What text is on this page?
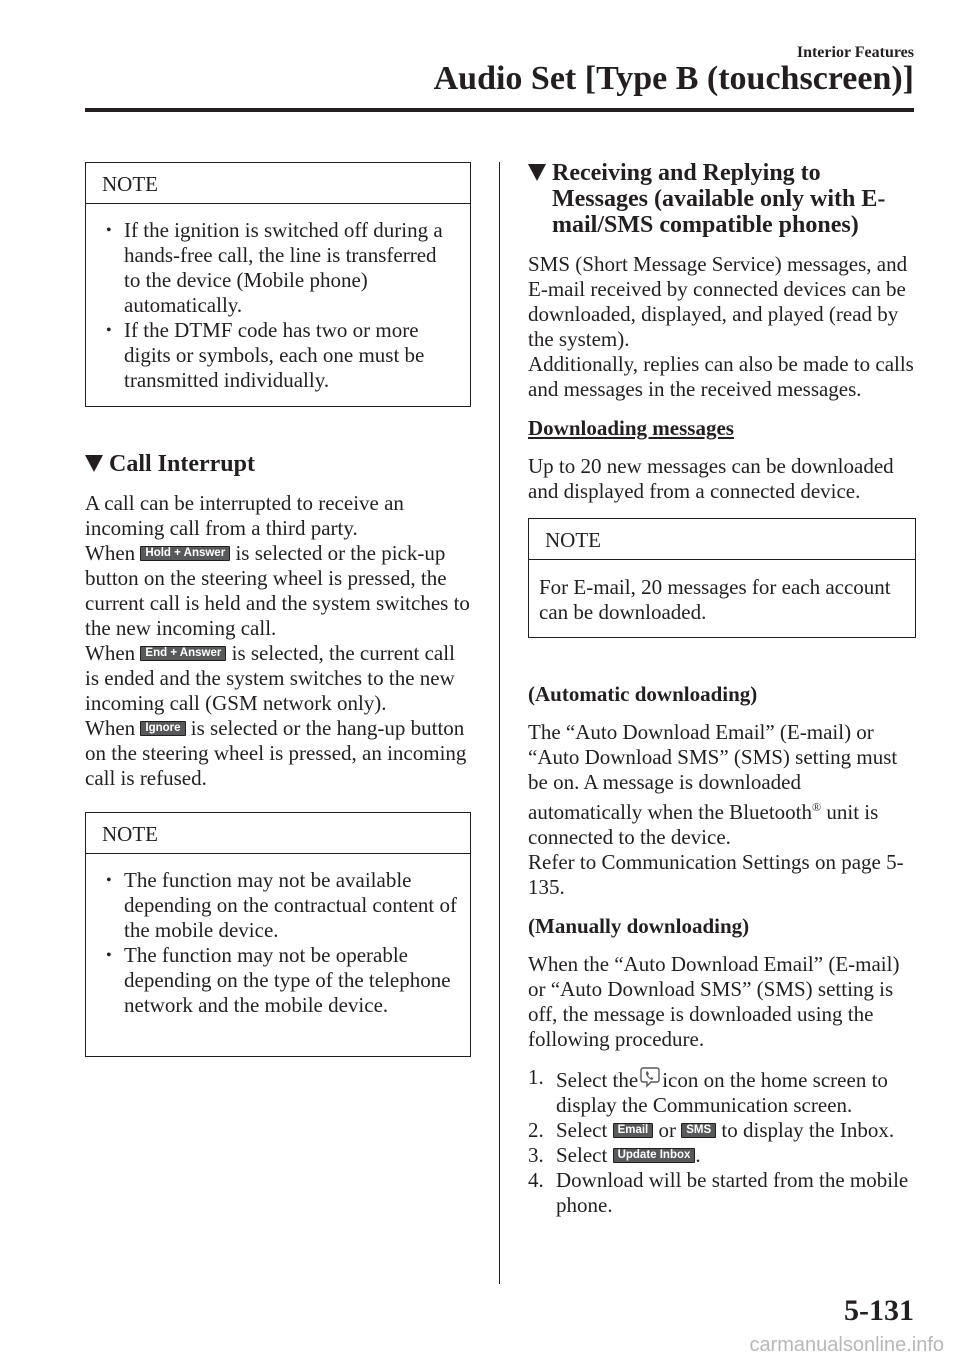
Interior Features
Audio Set [Type B (touchscreen)]
NOTE
• If the ignition is switched off during a hands-free call, the line is transferred to the device (Mobile phone) automatically.
• If the DTMF code has two or more digits or symbols, each one must be transmitted individually.
Call Interrupt
A call can be interrupted to receive an incoming call from a third party.
When Hold + Answer is selected or the pick-up button on the steering wheel is pressed, the current call is held and the system switches to the new incoming call.
When End + Answer is selected, the current call is ended and the system switches to the new incoming call (GSM network only).
When Ignore is selected or the hang-up button on the steering wheel is pressed, an incoming call is refused.
NOTE
• The function may not be available depending on the contractual content of the mobile device.
• The function may not be operable depending on the type of the telephone network and the mobile device.
Receiving and Replying to Messages (available only with E-mail/SMS compatible phones)
SMS (Short Message Service) messages, and E-mail received by connected devices can be downloaded, displayed, and played (read by the system).
Additionally, replies can also be made to calls and messages in the received messages.
Downloading messages
Up to 20 new messages can be downloaded and displayed from a connected device.
NOTE
For E-mail, 20 messages for each account can be downloaded.
(Automatic downloading)
The “Auto Download Email” (E-mail) or “Auto Download SMS” (SMS) setting must be on. A message is downloaded automatically when the Bluetooth® unit is connected to the device.
Refer to Communication Settings on page 5-135.
(Manually downloading)
When the “Auto Download Email” (E-mail) or “Auto Download SMS” (SMS) setting is off, the message is downloaded using the following procedure.
1. Select the icon on the home screen to display the Communication screen.
2. Select Email or SMS to display the Inbox.
3. Select Update Inbox .
4. Download will be started from the mobile phone.
5-131
carmanualsonline.info
